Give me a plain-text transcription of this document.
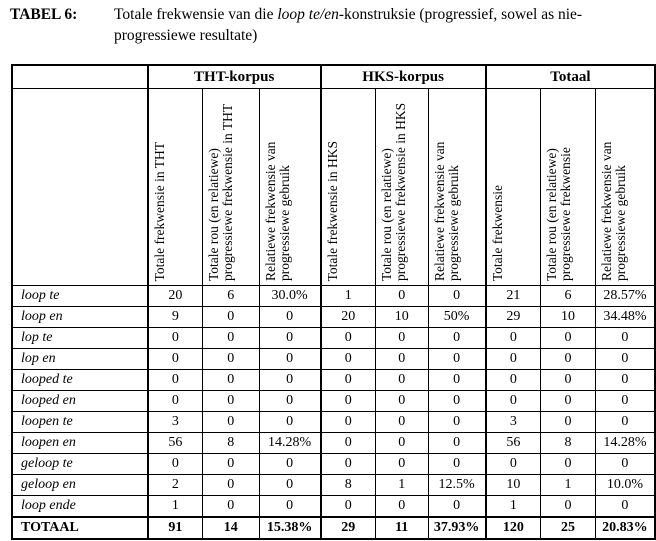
TABEL 6: Totale frekwensie van die loop te/en-konstruksie (progressief, sowel as nie-progressiewe resultate)
	THT-korpus			HKS-korpus			Totaal		

	Totale frekwensie in THT	Totale rou (en relatiewe) progressiewe frekwensie in THT	Relatiewe frekwensie van progressiewe gebruik	Totale frekwensie in HKS	Totale rou (en relatiewe) progressiewe frekwensie in HKS	Relatiewe frekwensie van progressiewe gebruik	Totale frekwensie	Totale rou (en relatiewe) progressiewe frekwensie	Relatiewe frekwensie van progressiewe gebruik

loop te	20	6	30.0%	1	0	0	21	6	28.57%
loop en	9	0	0	20	10	50%	29	10	34.48%
lop te	0	0	0	0	0	0	0	0	0
lop en	0	0	0	0	0	0	0	0	0
looped te	0	0	0	0	0	0	0	0	0
looped en	0	0	0	0	0	0	0	0	0
loopen te	3	0	0	0	0	0	3	0	0
loopen en	56	8	14.28%	0	0	0	56	8	14.28%
geloop te	0	0	0	0	0	0	0	0	0
geloop en	2	0	0	8	1	12.5%	10	1	10.0%
loop ende	1	0	0	0	0	0	1	0	0
TOTAAL	91	14	15.38%	29	11	37.93%	120	25	20.83%
